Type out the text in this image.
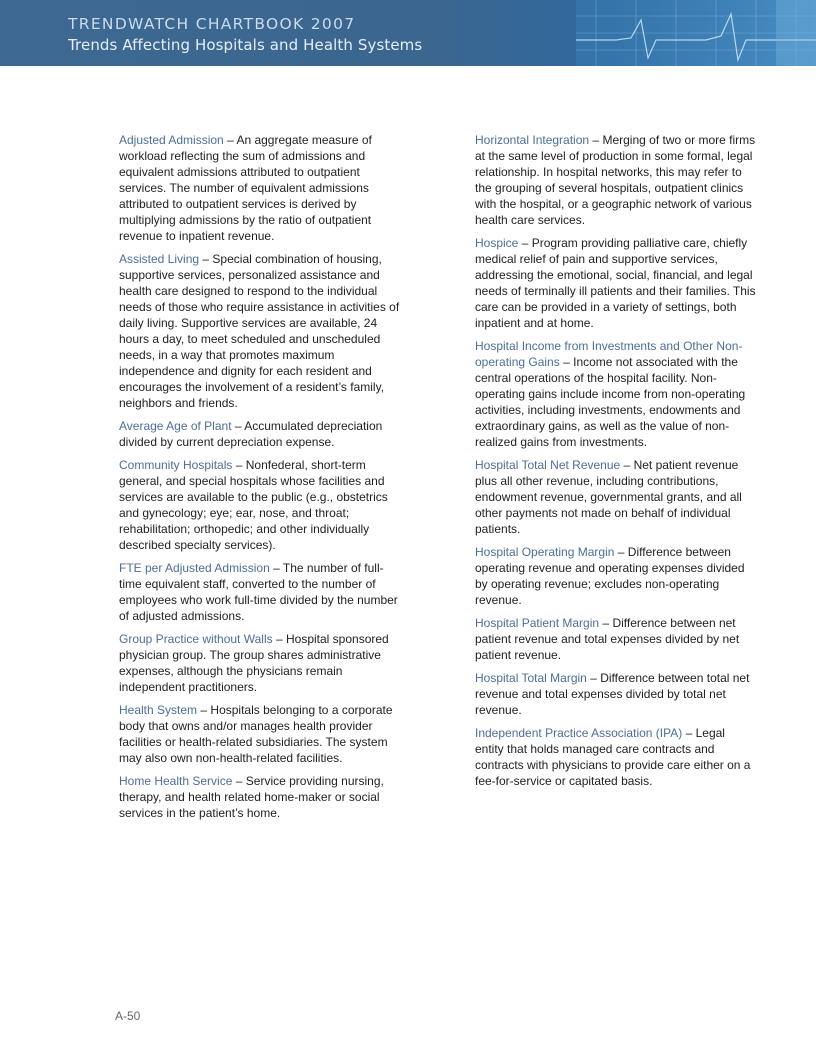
TRENDWATCH CHARTBOOK 2007
Trends Affecting Hospitals and Health Systems

Adjusted Admission – An aggregate measure of workload reflecting the sum of admissions and equivalent admissions attributed to outpatient services. The number of equivalent admissions attributed to outpatient services is derived by multiplying admissions by the ratio of outpatient revenue to inpatient revenue.

Assisted Living – Special combination of housing, supportive services, personalized assistance and health care designed to respond to the individual needs of those who require assistance in activities of daily living. Supportive services are available, 24 hours a day, to meet scheduled and unscheduled needs, in a way that promotes maximum independence and dignity for each resident and encourages the involvement of a resident’s family, neighbors and friends.

Average Age of Plant – Accumulated depreciation divided by current depreciation expense.

Community Hospitals – Nonfederal, short-term general, and special hospitals whose facilities and services are available to the public (e.g., obstetrics and gynecology; eye; ear, nose, and throat; rehabilitation; orthopedic; and other individually described specialty services).

FTE per Adjusted Admission – The number of full-time equivalent staff, converted to the number of employees who work full-time divided by the number of adjusted admissions.

Group Practice without Walls – Hospital sponsored physician group. The group shares administrative expenses, although the physicians remain independent practitioners.

Health System – Hospitals belonging to a corporate body that owns and/or manages health provider facilities or health-related subsidiaries. The system may also own non-health-related facilities.

Home Health Service – Service providing nursing, therapy, and health related home-maker or social services in the patient’s home.

Horizontal Integration – Merging of two or more firms at the same level of production in some formal, legal relationship. In hospital networks, this may refer to the grouping of several hospitals, outpatient clinics with the hospital, or a geographic network of various health care services.

Hospice – Program providing palliative care, chiefly medical relief of pain and supportive services, addressing the emotional, social, financial, and legal needs of terminally ill patients and their families. This care can be provided in a variety of settings, both inpatient and at home.

Hospital Income from Investments and Other Non-operating Gains – Income not associated with the central operations of the hospital facility. Non-operating gains include income from non-operating activities, including investments, endowments and extraordinary gains, as well as the value of non-realized gains from investments.

Hospital Total Net Revenue – Net patient revenue plus all other revenue, including contributions, endowment revenue, governmental grants, and all other payments not made on behalf of individual patients.

Hospital Operating Margin – Difference between operating revenue and operating expenses divided by operating revenue; excludes non-operating revenue.

Hospital Patient Margin – Difference between net patient revenue and total expenses divided by net patient revenue.

Hospital Total Margin – Difference between total net revenue and total expenses divided by total net revenue.

Independent Practice Association (IPA) – Legal entity that holds managed care contracts and contracts with physicians to provide care either on a fee-for-service or capitated basis.

A-50
